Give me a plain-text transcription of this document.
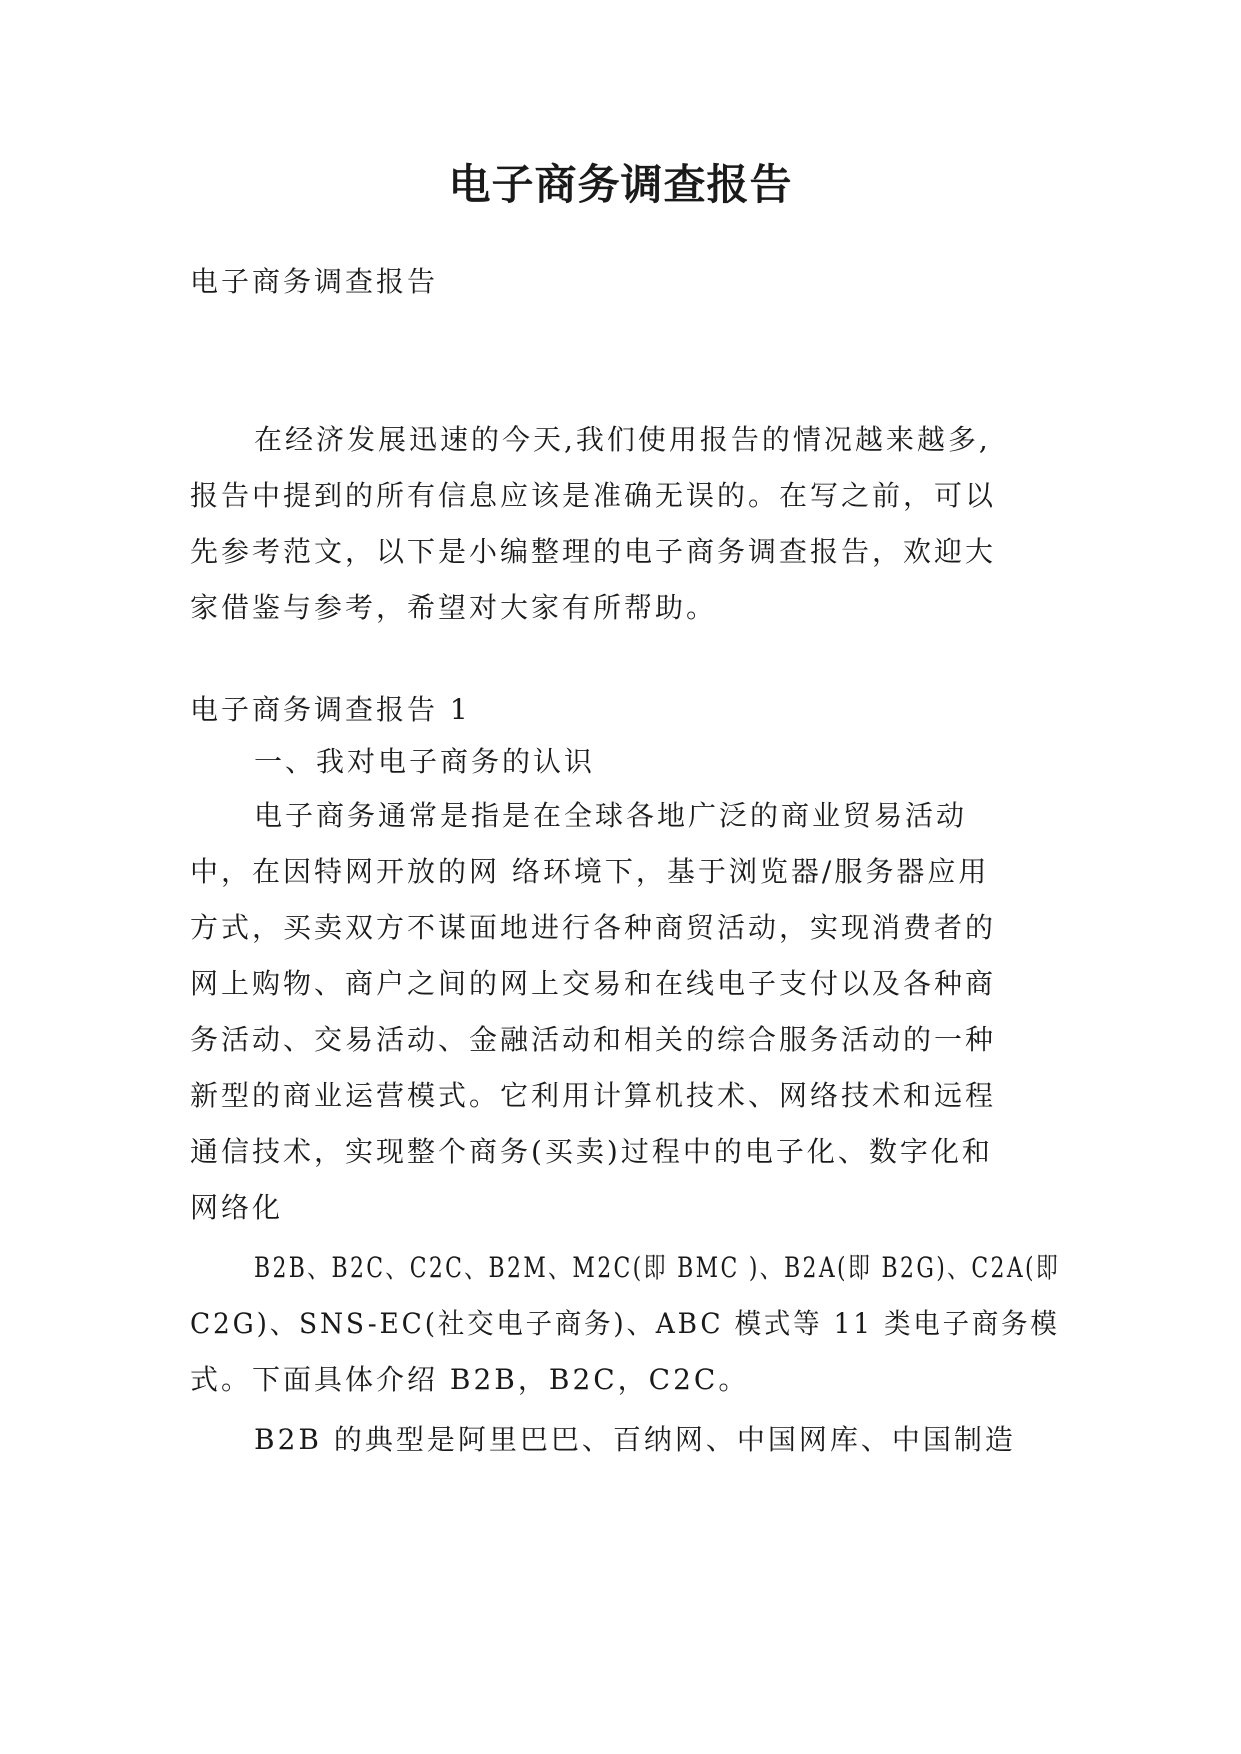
电子商务调查报告
电子商务调查报告
在经济发展迅速的今天,我们使用报告的情况越来越多,
报告中提到的所有信息应该是准确无误的。在写之前，可以
先参考范文，以下是小编整理的电子商务调查报告，欢迎大
家借鉴与参考，希望对大家有所帮助。
电子商务调查报告 1
一、我对电子商务的认识
电子商务通常是指是在全球各地广泛的商业贸易活动
中，在因特网开放的网 络环境下，基于浏览器/服务器应用
方式，买卖双方不谋面地进行各种商贸活动，实现消费者的
网上购物、商户之间的网上交易和在线电子支付以及各种商
务活动、交易活动、金融活动和相关的综合服务活动的一种
新型的商业运营模式。它利用计算机技术、网络技术和远程
通信技术，实现整个商务(买卖)过程中的电子化、数字化和
网络化
B2B、B2C、C2C、B2M、M2C(即 BMC )、B2A(即 B2G)、C2A(即
C2G)、SNS-EC(社交电子商务)、ABC 模式等 11 类电子商务模
式。下面具体介绍 B2B，B2C，C2C。
B2B 的典型是阿里巴巴、百纳网、中国网库、中国制造
